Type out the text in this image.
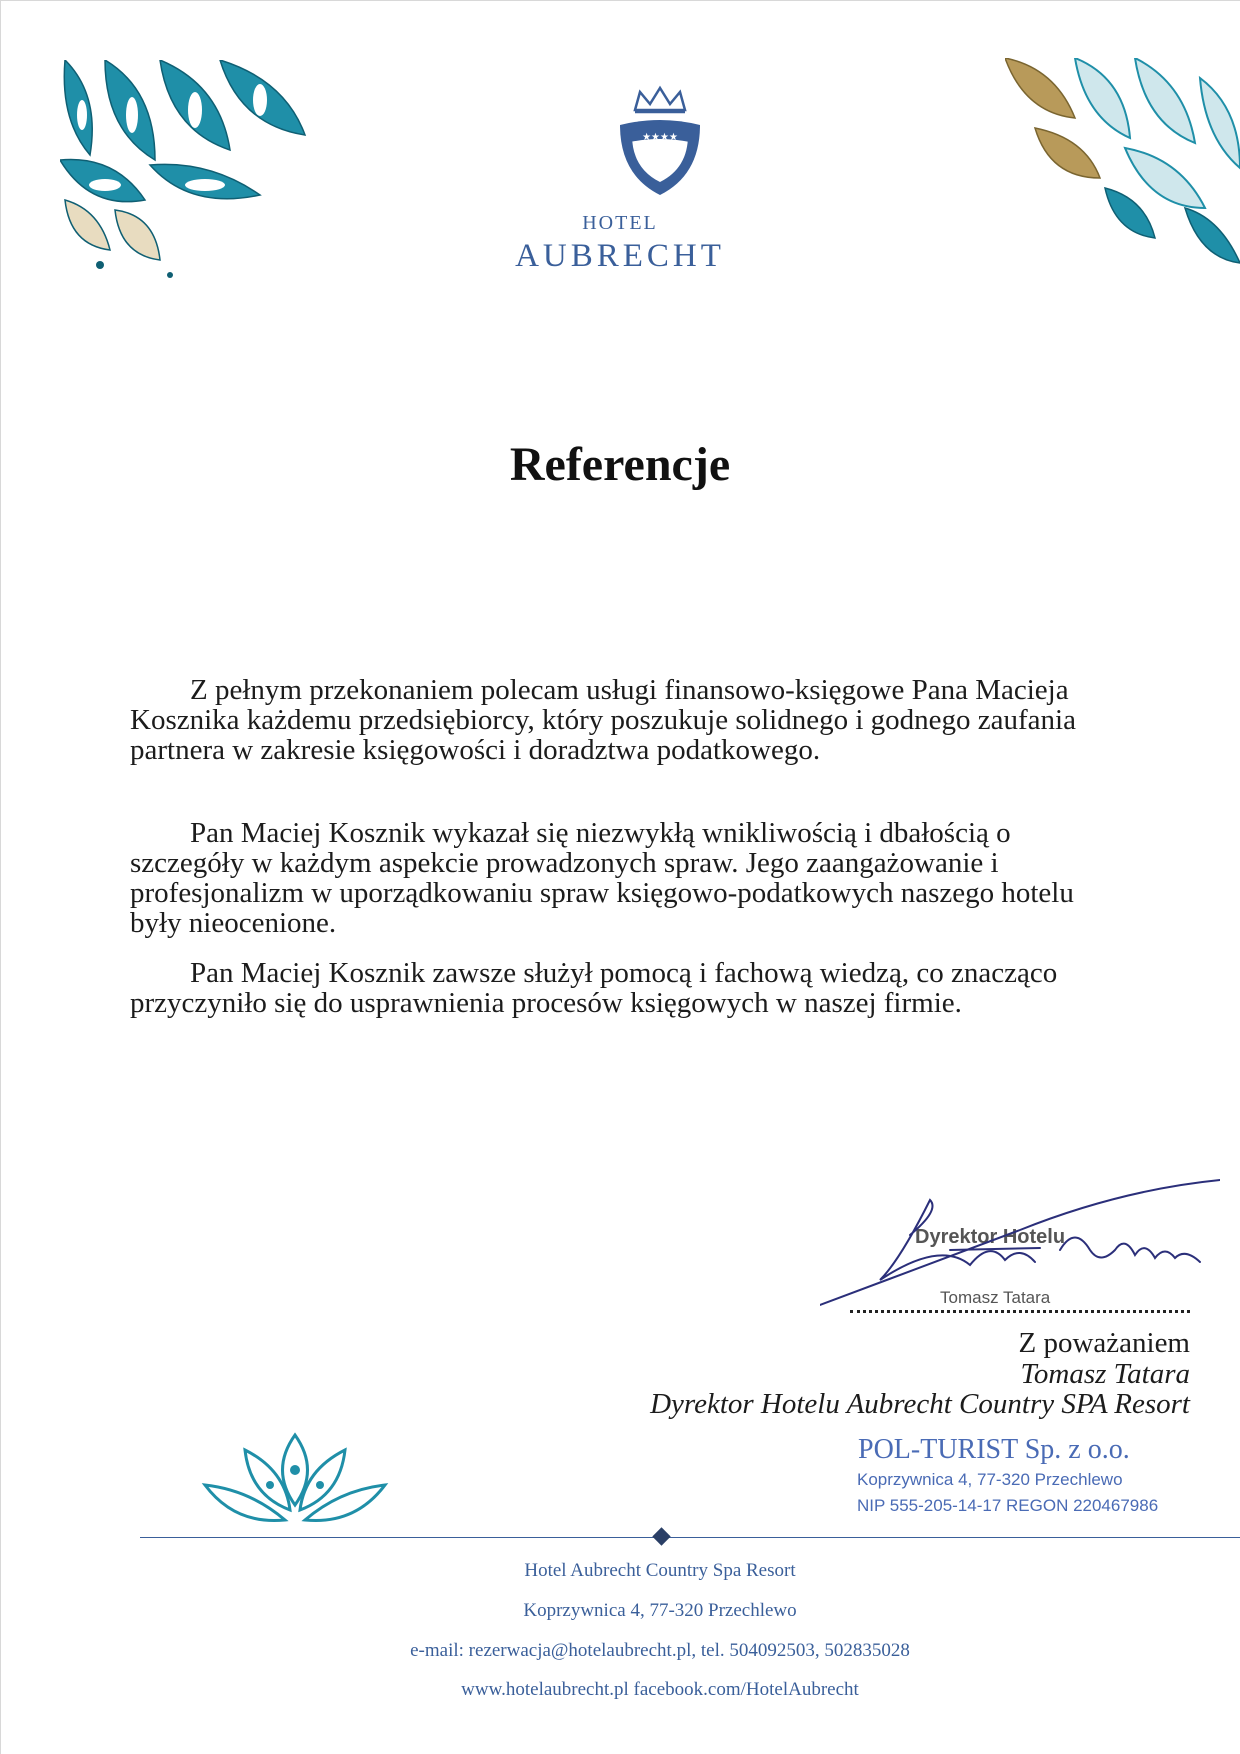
★★★★
HOTEL
AUBRECHT
Referencje
Z pełnym przekonaniem polecam usługi finansowo-księgowe Pana Macieja Kosznika każdemu przedsiębiorcy, który poszukuje solidnego i godnego zaufania partnera w zakresie księgowości i doradztwa podatkowego.
Pan Maciej Kosznik wykazał się niezwykłą wnikliwością i dbałością o szczegóły w każdym aspekcie prowadzonych spraw. Jego zaangażowanie i profesjonalizm w uporządkowaniu spraw księgowo-podatkowych naszego hotelu były nieocenione.
Pan Maciej Kosznik zawsze służył pomocą i fachową wiedzą, co znacząco przyczyniło się do usprawnienia procesów księgowych w naszej firmie.
Dyrektor Hotelu
Tomasz Tatara
Z poważaniem
Tomasz Tatara
Dyrektor Hotelu Aubrecht Country SPA Resort
POL-TURIST Sp. z o.o.
Koprzywnica 4, 77-320 Przechlewo
NIP 555-205-14-17 REGON 220467986
Hotel Aubrecht Country Spa Resort
Koprzywnica 4, 77-320 Przechlewo
e-mail: rezerwacja@hotelaubrecht.pl, tel. 504092503, 502835028
www.hotelaubrecht.pl facebook.com/HotelAubrecht
